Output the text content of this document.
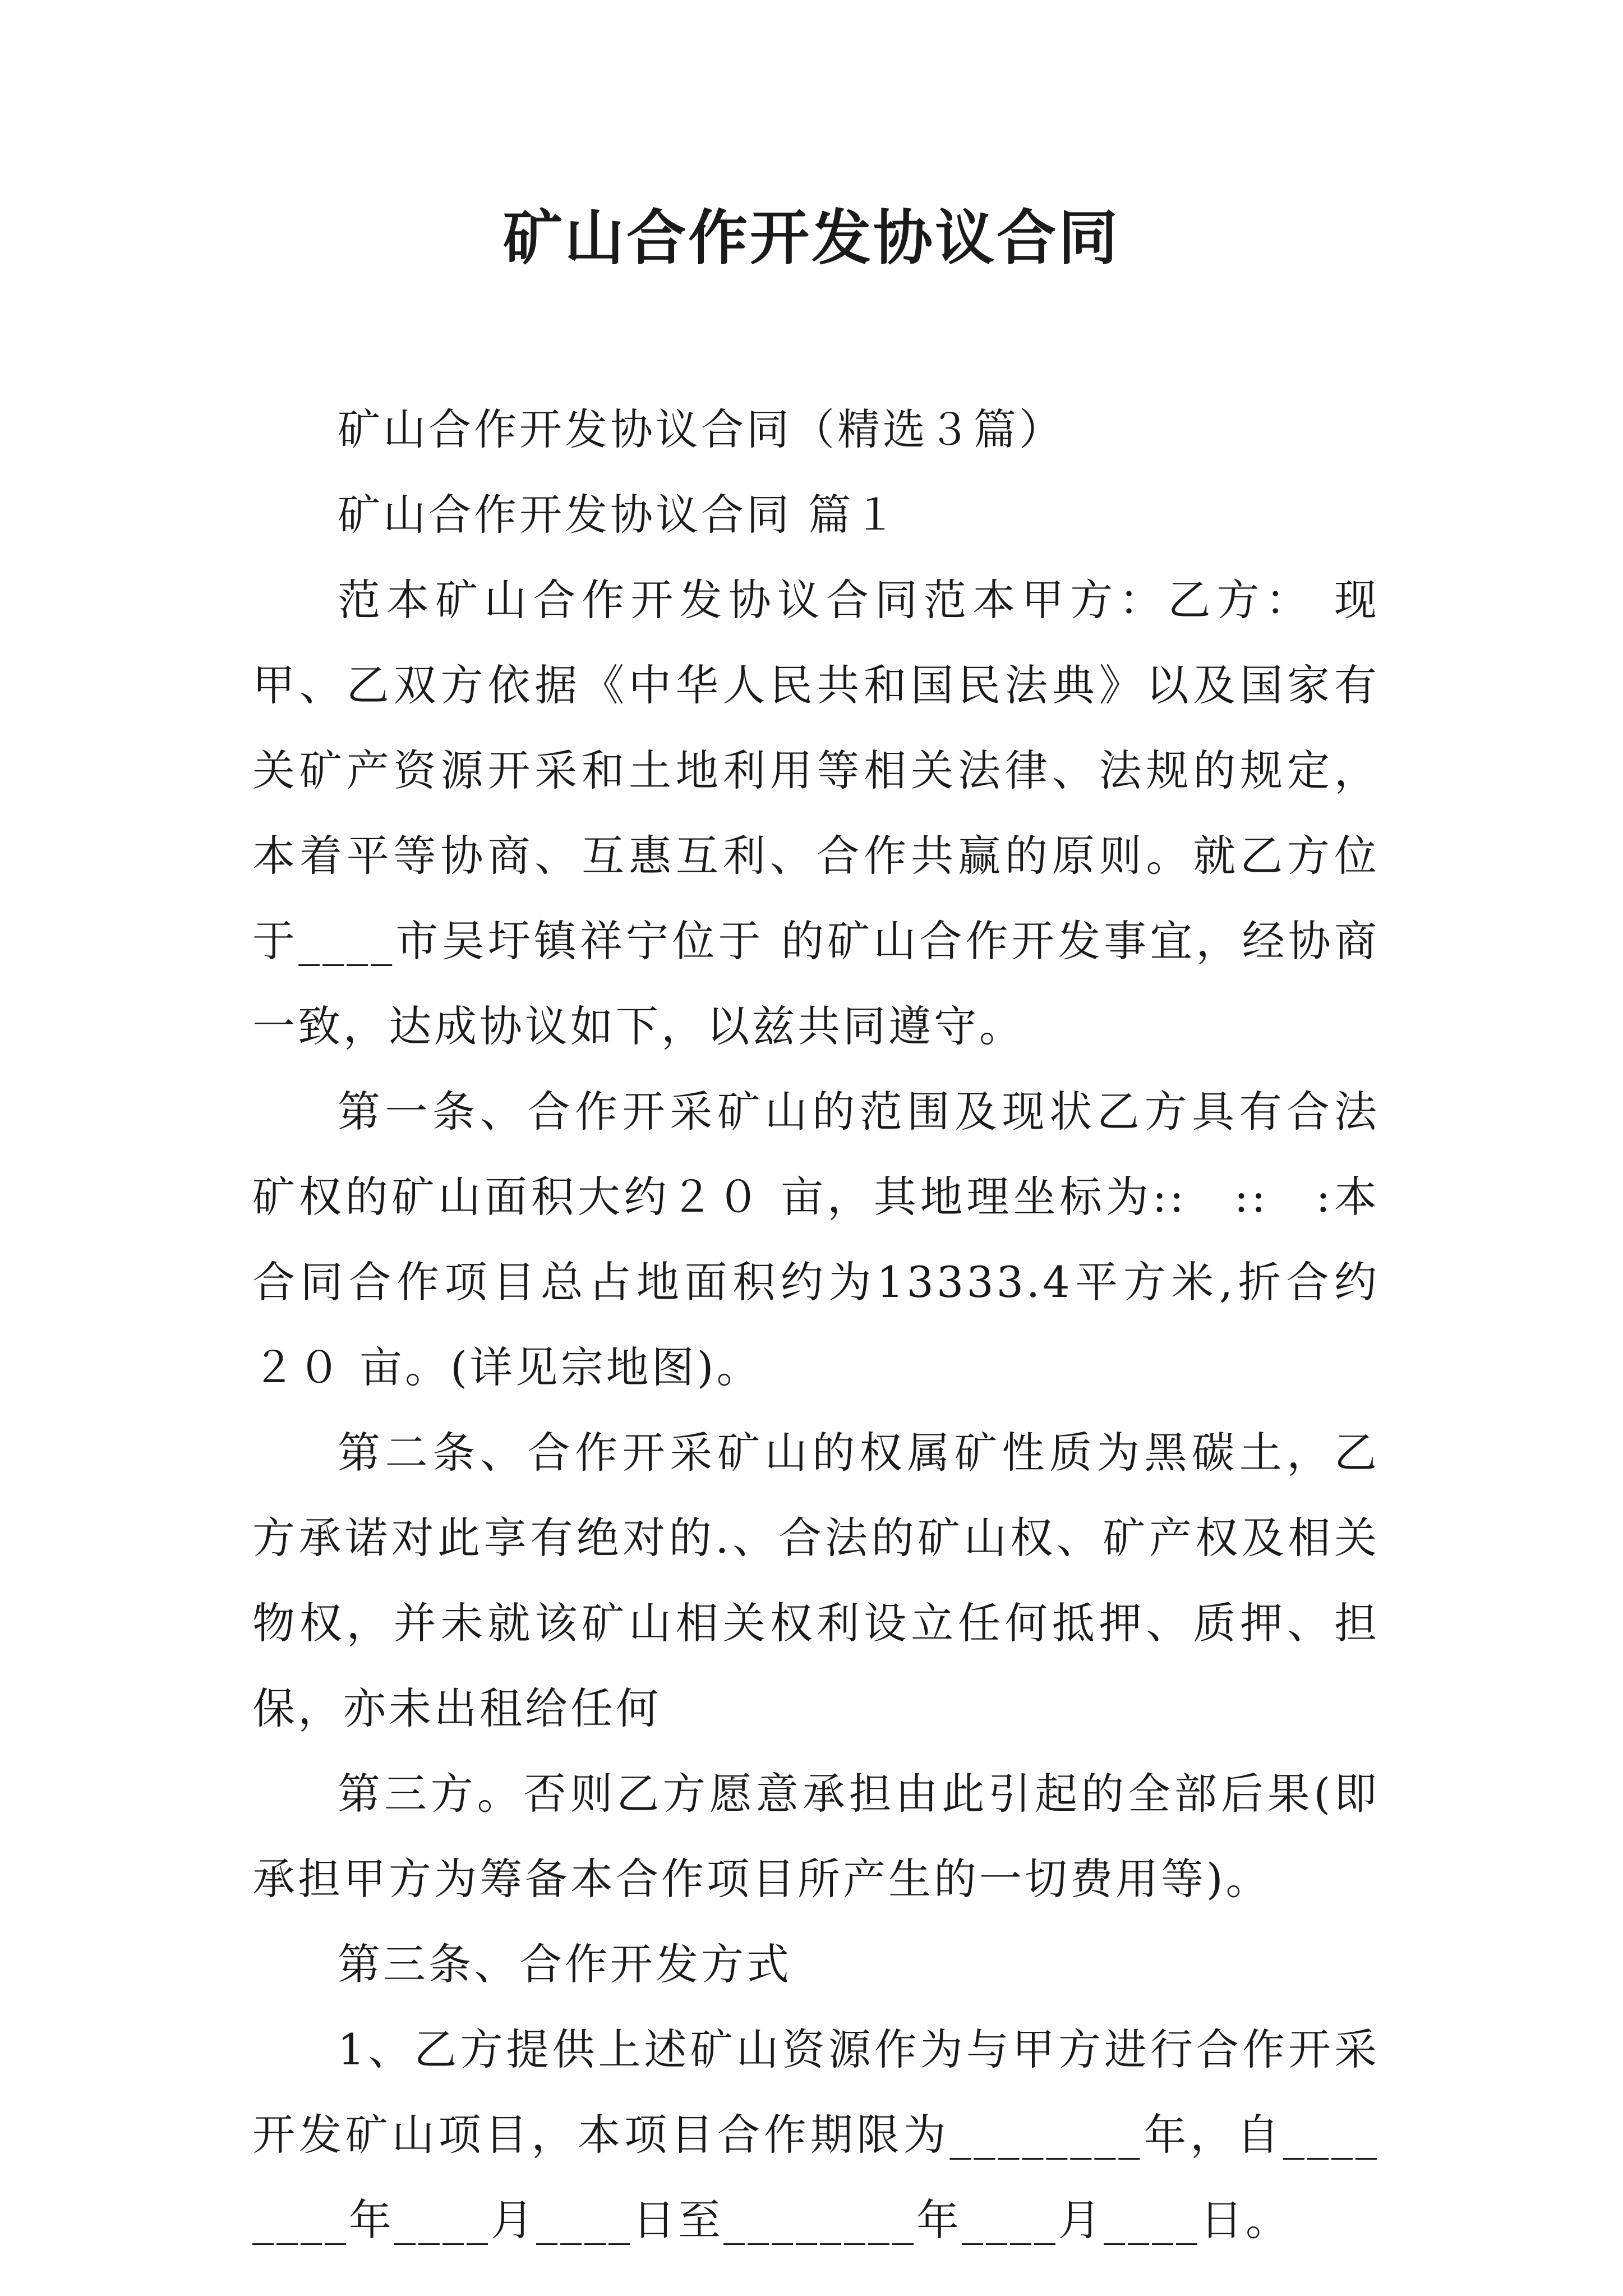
矿山合作开发协议合同

矿山合作开发协议合同（精选３篇）

矿山合作开发协议合同 篇１

范本矿山合作开发协议合同范本甲方：乙方： 现甲、乙双方依据《中华人民共和国民法典》以及国家有关矿产资源开采和土地利用等相关法律、法规的规定，本着平等协商、互惠互利、合作共赢的原则。就乙方位于____市吴圩镇祥宁位于 的矿山合作开发事宜，经协商一致，达成协议如下，以兹共同遵守。

第一条、合作开采矿山的范围及现状乙方具有合法矿权的矿山面积大约２０ 亩，其地理坐标为::　::　:本合同合作项目总占地面积约为13333.4平方米,折合约 ２０ 亩。(详见宗地图)。

第二条、合作开采矿山的权属矿性质为黑碳土，乙方承诺对此享有绝对的.、合法的矿山权、矿产权及相关物权，并未就该矿山相关权利设立任何抵押、质押、担保，亦未出租给任何

第三方。否则乙方愿意承担由此引起的全部后果(即承担甲方为筹备本合作项目所产生的一切费用等)。

第三条、合作开发方式

1、乙方提供上述矿山资源作为与甲方进行合作开采开发矿山项目，本项目合作期限为________年，自________年____月____日至________年____月____日。
